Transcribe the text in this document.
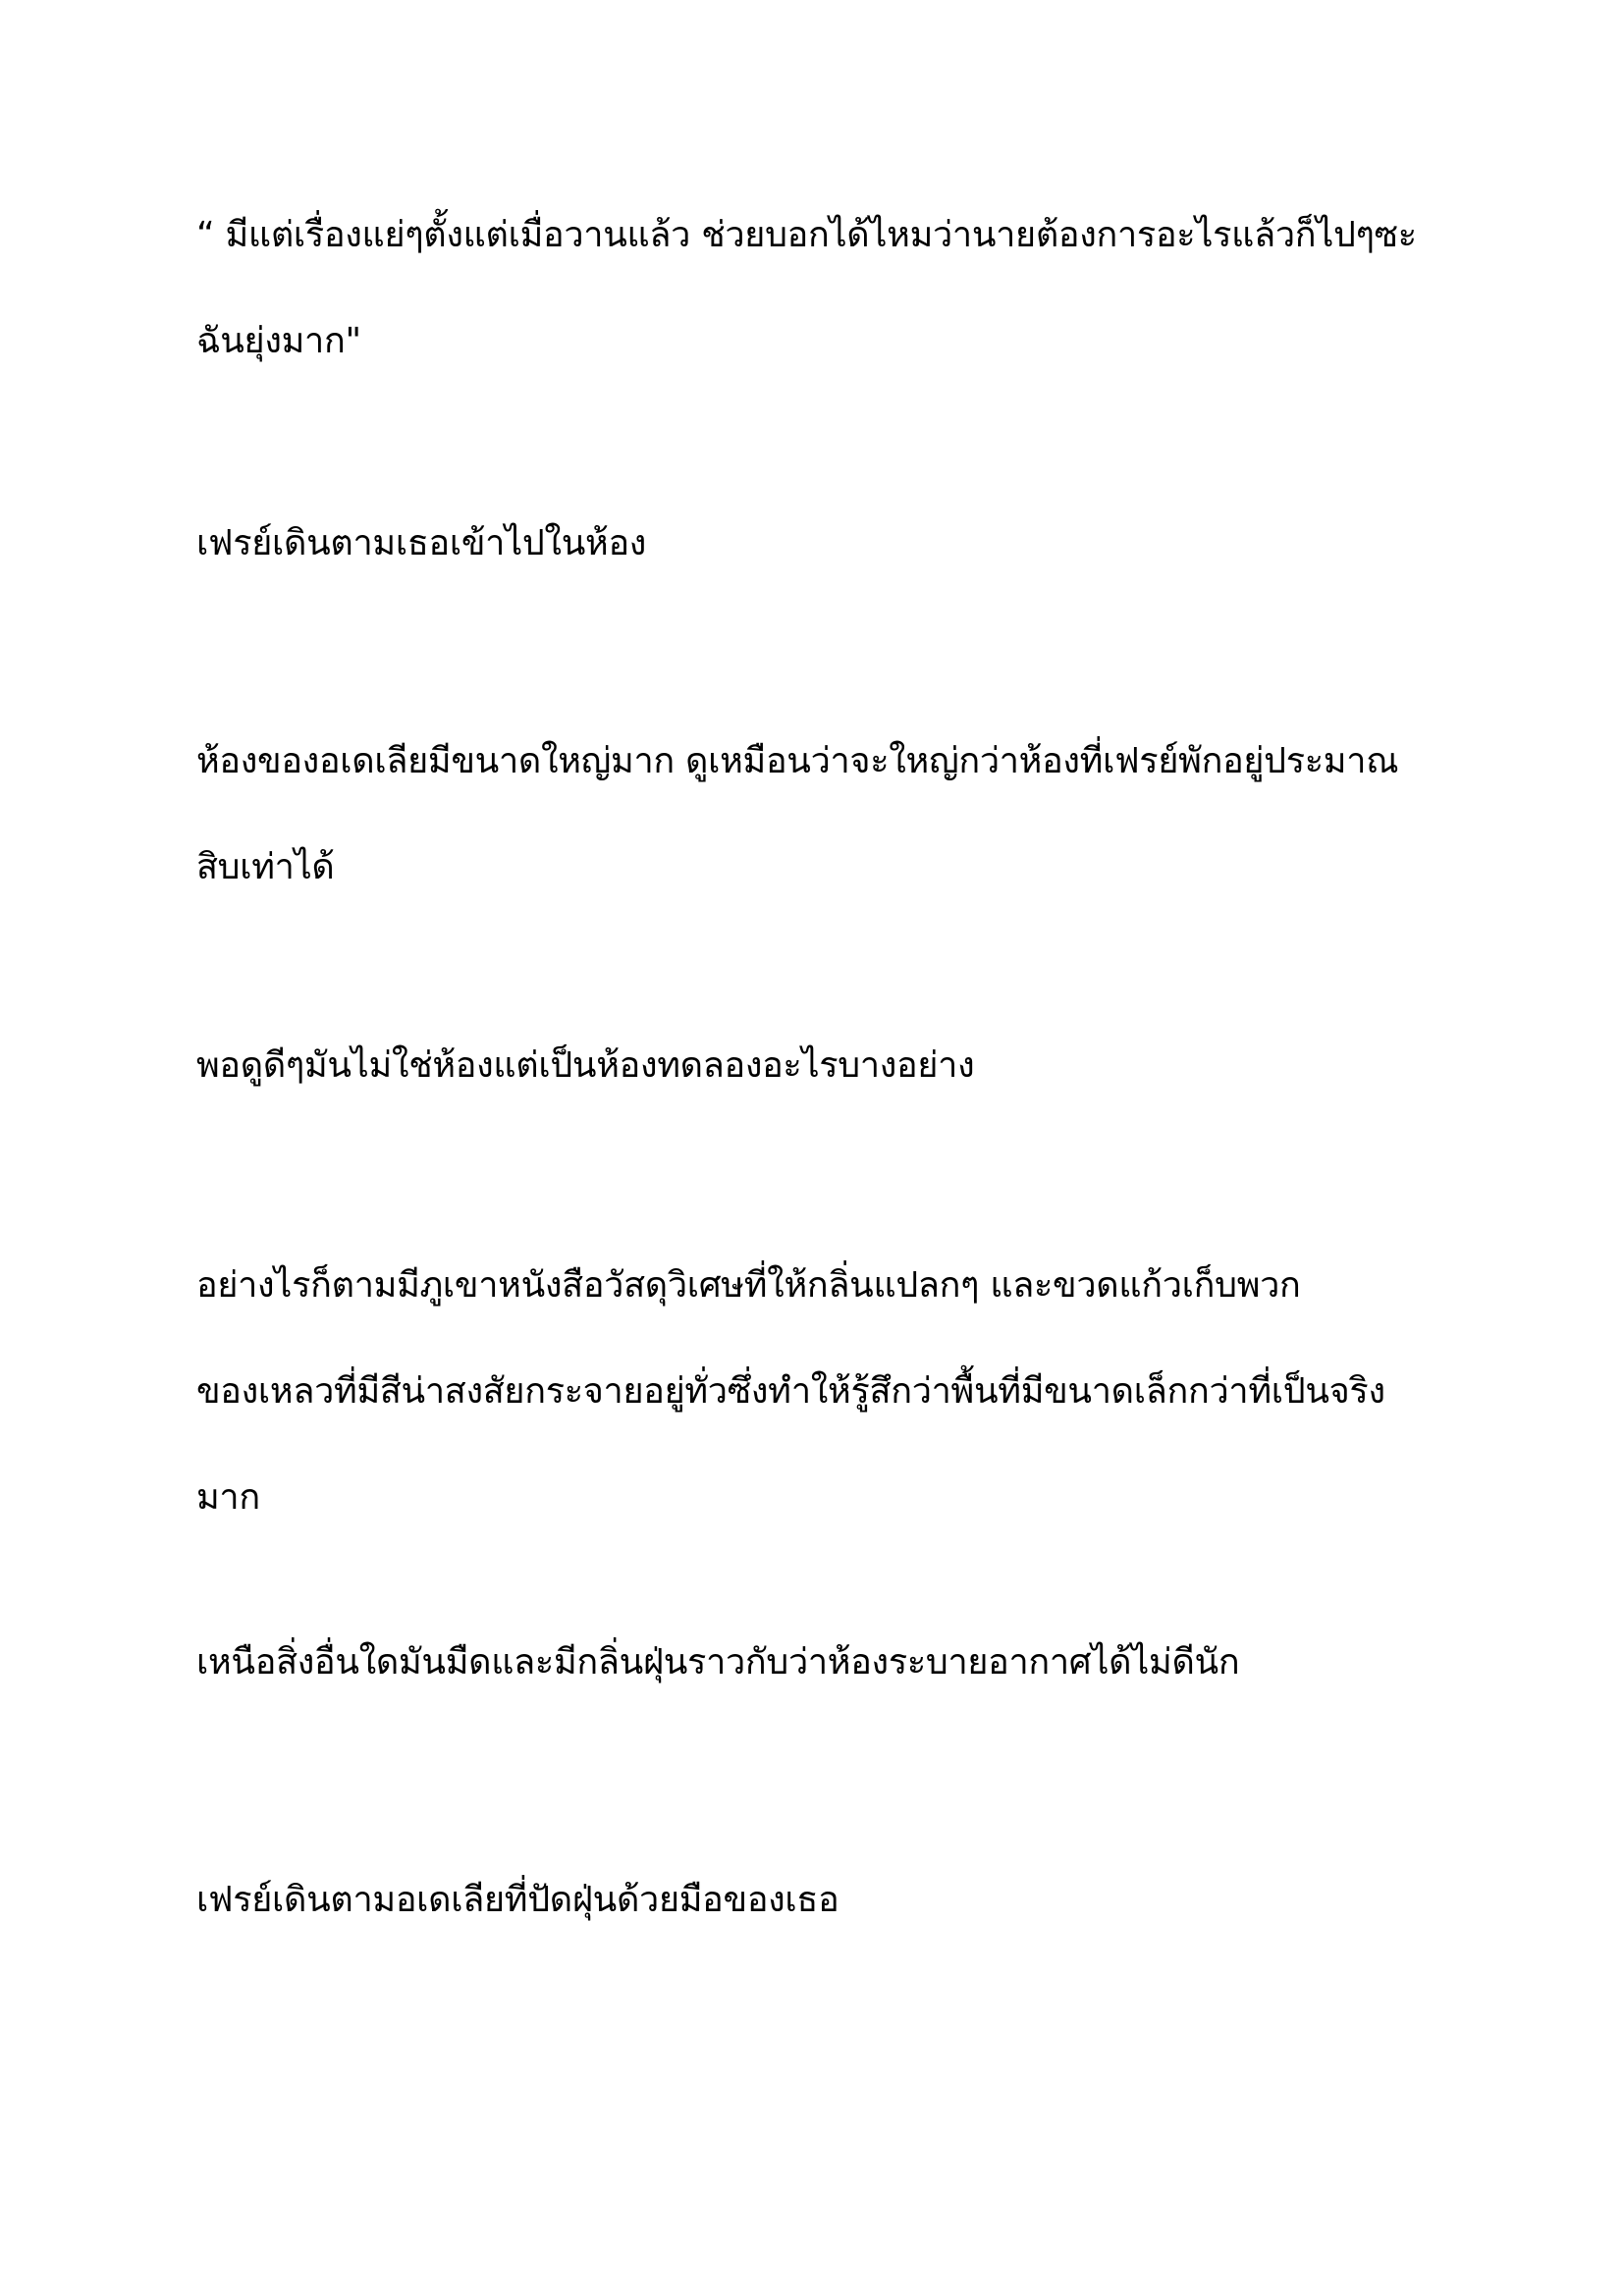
“ มีแต่เรื่องแย่ๆตั้งแต่เมื่อวานแล้ว ช่วยบอกได้ไหมว่านายต้องการอะไรแล้วก็ไปๆซะ
ฉันยุ่งมาก"

เฟรย์เดินตามเธอเข้าไปในห้อง

ห้องของอเดเลียมีขนาดใหญ่มาก ดูเหมือนว่าจะใหญ่กว่าห้องที่เฟรย์พักอยู่ประมาณ
สิบเท่าได้

พอดูดีๆมันไม่ใช่ห้องแต่เป็นห้องทดลองอะไรบางอย่าง

อย่างไรก็ตามมีภูเขาหนังสือวัสดุวิเศษที่ให้กลิ่นแปลกๆ และขวดแก้วเก็บพวก
ของเหลวที่มีสีน่าสงสัยกระจายอยู่ทั่วซึ่งทำให้รู้สึกว่าพื้นที่มีขนาดเล็กกว่าที่เป็นจริง
มาก

เหนือสิ่งอื่นใดมันมืดและมีกลิ่นฝุ่นราวกับว่าห้องระบายอากาศได้ไม่ดีนัก

เฟรย์เดินตามอเดเลียที่ปัดฝุ่นด้วยมือของเธอ
